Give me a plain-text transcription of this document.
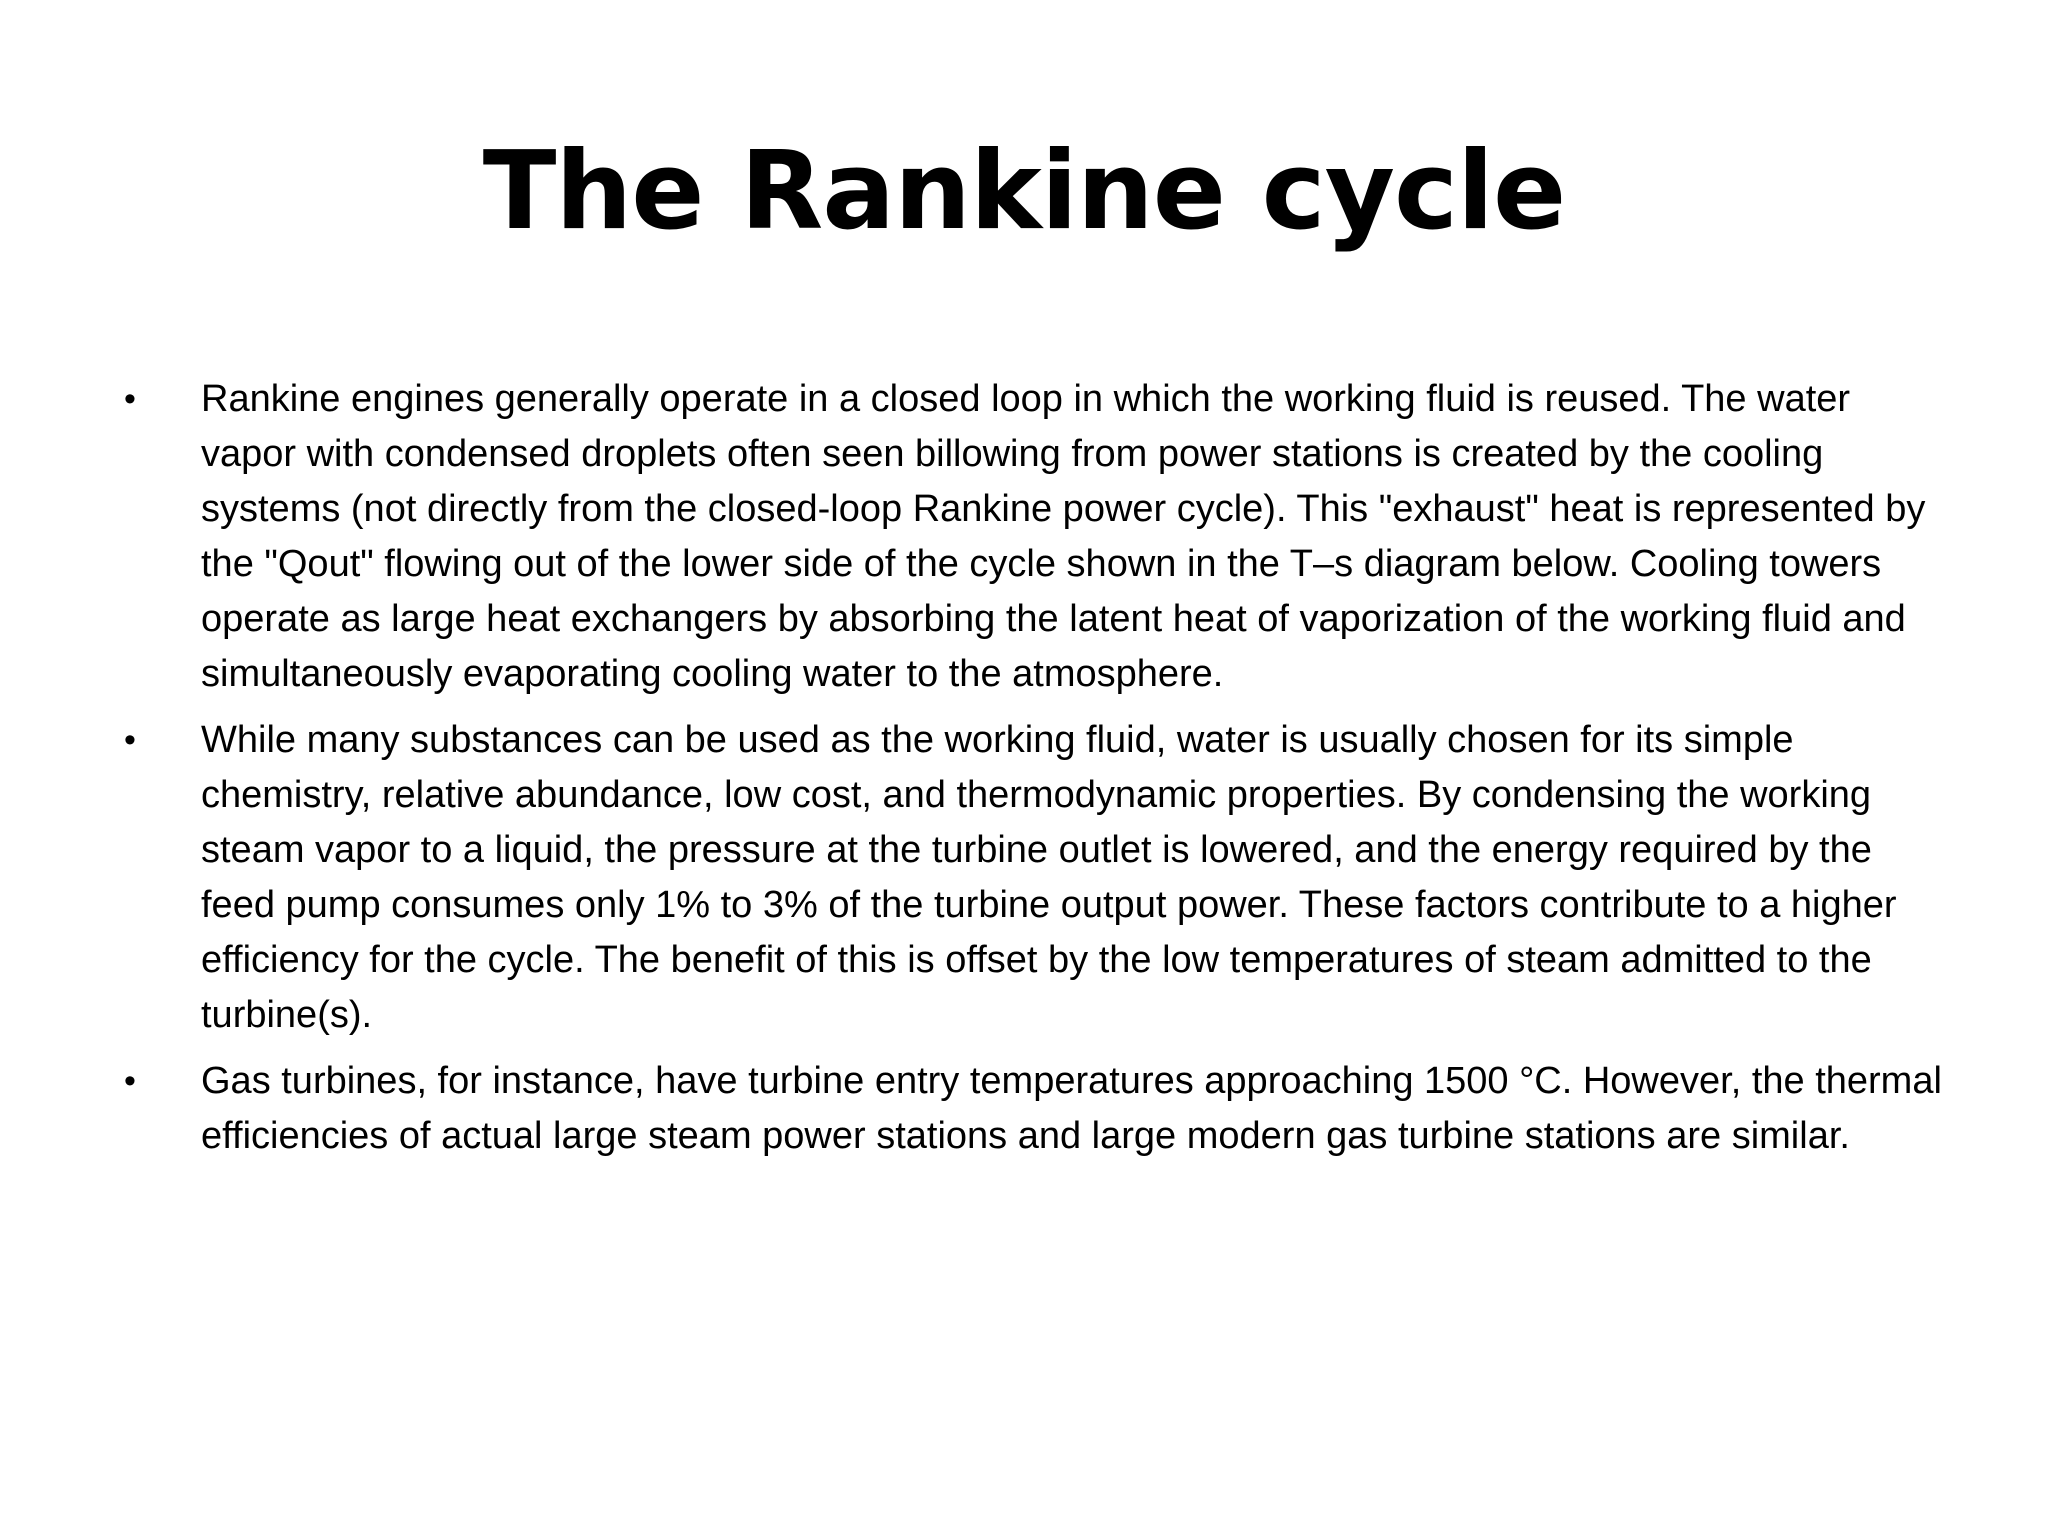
The Rankine cycle
•	Rankine engines generally operate in a closed loop in which the working fluid is reused. The water vapor with condensed droplets often seen billowing from power stations is created by the cooling systems (not directly from the closed-loop Rankine power cycle). This "exhaust" heat is represented by the "Qout" flowing out of the lower side of the cycle shown in the T–s diagram below. Cooling towers operate as large heat exchangers by absorbing the latent heat of vaporization of the working fluid and simultaneously evaporating cooling water to the atmosphere.
•	While many substances can be used as the working fluid, water is usually chosen for its simple chemistry, relative abundance, low cost, and thermodynamic properties. By condensing the working steam vapor to a liquid, the pressure at the turbine outlet is lowered, and the energy required by the feed pump consumes only 1% to 3% of the turbine output power. These factors contribute to a higher efficiency for the cycle. The benefit of this is offset by the low temperatures of steam admitted to the turbine(s).
•	Gas turbines, for instance, have turbine entry temperatures approaching 1500 °C. However, the thermal efficiencies of actual large steam power stations and large modern gas turbine stations are similar.
